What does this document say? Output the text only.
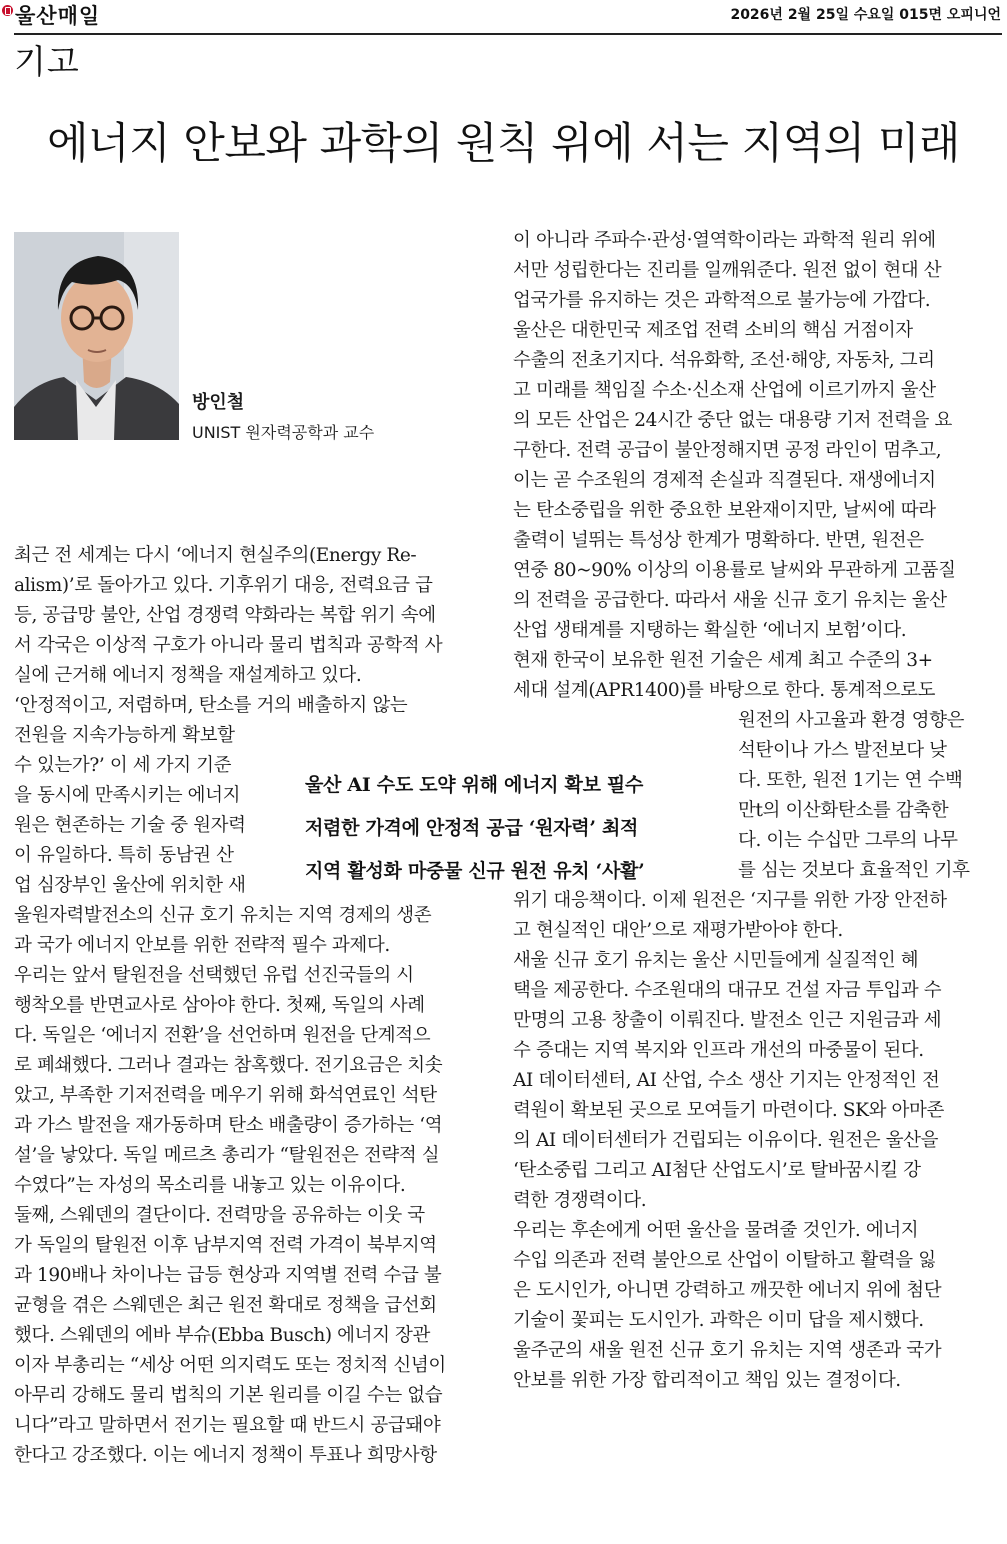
울산매일	2026년 2월 25일 수요일 015면 오피니언
기고
에너지 안보와 과학의 원칙 위에 서는 지역의 미래
방인철
UNIST 원자력공학과 교수
울산 AI 수도 도약 위해 에너지 확보 필수
저렴한 가격에 안정적 공급 ‘원자력’ 최적
지역 활성화 마중물 신규 원전 유치 ‘사활’
최근 전 세계는 다시 ‘에너지 현실주의(Energy Re-
alism)’로 돌아가고 있다. 기후위기 대응, 전력요금 급
등, 공급망 불안, 산업 경쟁력 약화라는 복합 위기 속에
서 각국은 이상적 구호가 아니라 물리 법칙과 공학적 사
실에 근거해 에너지 정책을 재설계하고 있다.
‘안정적이고, 저렴하며, 탄소를 거의 배출하지 않는
전원을 지속가능하게 확보할
수 있는가?’ 이 세 가지 기준
을 동시에 만족시키는 에너지
원은 현존하는 기술 중 원자력
이 유일하다. 특히 동남권 산
업 심장부인 울산에 위치한 새
울원자력발전소의 신규 호기 유치는 지역 경제의 생존
과 국가 에너지 안보를 위한 전략적 필수 과제다.
우리는 앞서 탈원전을 선택했던 유럽 선진국들의 시
행착오를 반면교사로 삼아야 한다. 첫째, 독일의 사례
다. 독일은 ‘에너지 전환’을 선언하며 원전을 단계적으
로 폐쇄했다. 그러나 결과는 참혹했다. 전기요금은 치솟
았고, 부족한 기저전력을 메우기 위해 화석연료인 석탄
과 가스 발전을 재가동하며 탄소 배출량이 증가하는 ‘역
설’을 낳았다. 독일 메르츠 총리가 “탈원전은 전략적 실
수였다”는 자성의 목소리를 내놓고 있는 이유이다.
둘째, 스웨덴의 결단이다. 전력망을 공유하는 이웃 국
가 독일의 탈원전 이후 남부지역 전력 가격이 북부지역
과 190배나 차이나는 급등 현상과 지역별 전력 수급 불
균형을 겪은 스웨덴은 최근 원전 확대로 정책을 급선회
했다. 스웨덴의 에바 부슈(Ebba Busch) 에너지 장관
이자 부총리는 “세상 어떤 의지력도 또는 정치적 신념이
아무리 강해도 물리 법칙의 기본 원리를 이길 수는 없습
니다”라고 말하면서 전기는 필요할 때 반드시 공급돼야
한다고 강조했다. 이는 에너지 정책이 투표나 희망사항
이 아니라 주파수·관성·열역학이라는 과학적 원리 위에
서만 성립한다는 진리를 일깨워준다. 원전 없이 현대 산
업국가를 유지하는 것은 과학적으로 불가능에 가깝다.
울산은 대한민국 제조업 전력 소비의 핵심 거점이자
수출의 전초기지다. 석유화학, 조선·해양, 자동차, 그리
고 미래를 책임질 수소·신소재 산업에 이르기까지 울산
의 모든 산업은 24시간 중단 없는 대용량 기저 전력을 요
구한다. 전력 공급이 불안정해지면 공정 라인이 멈추고,
이는 곧 수조원의 경제적 손실과 직결된다. 재생에너지
는 탄소중립을 위한 중요한 보완재이지만, 날씨에 따라
출력이 널뛰는 특성상 한계가 명확하다. 반면, 원전은
연중 80~90% 이상의 이용률로 날씨와 무관하게 고품질
의 전력을 공급한다. 따라서 새울 신규 호기 유치는 울산
산업 생태계를 지탱하는 확실한 ‘에너지 보험’이다.
현재 한국이 보유한 원전 기술은 세계 최고 수준의 3+
세대 설계(APR1400)를 바탕으로 한다. 통계적으로도
원전의 사고율과 환경 영향은
석탄이나 가스 발전보다 낮
다. 또한, 원전 1기는 연 수백
만t의 이산화탄소를 감축한
다. 이는 수십만 그루의 나무
를 심는 것보다 효율적인 기후
위기 대응책이다. 이제 원전은 ‘지구를 위한 가장 안전하
고 현실적인 대안’으로 재평가받아야 한다.
새울 신규 호기 유치는 울산 시민들에게 실질적인 혜
택을 제공한다. 수조원대의 대규모 건설 자금 투입과 수
만명의 고용 창출이 이뤄진다. 발전소 인근 지원금과 세
수 증대는 지역 복지와 인프라 개선의 마중물이 된다.
AI 데이터센터, AI 산업, 수소 생산 기지는 안정적인 전
력원이 확보된 곳으로 모여들기 마련이다. SK와 아마존
의 AI 데이터센터가 건립되는 이유이다. 원전은 울산을
‘탄소중립 그리고 AI첨단 산업도시’로 탈바꿈시킬 강
력한 경쟁력이다.
우리는 후손에게 어떤 울산을 물려줄 것인가. 에너지
수입 의존과 전력 불안으로 산업이 이탈하고 활력을 잃
은 도시인가, 아니면 강력하고 깨끗한 에너지 위에 첨단
기술이 꽃피는 도시인가. 과학은 이미 답을 제시했다.
울주군의 새울 원전 신규 호기 유치는 지역 생존과 국가
안보를 위한 가장 합리적이고 책임 있는 결정이다.
